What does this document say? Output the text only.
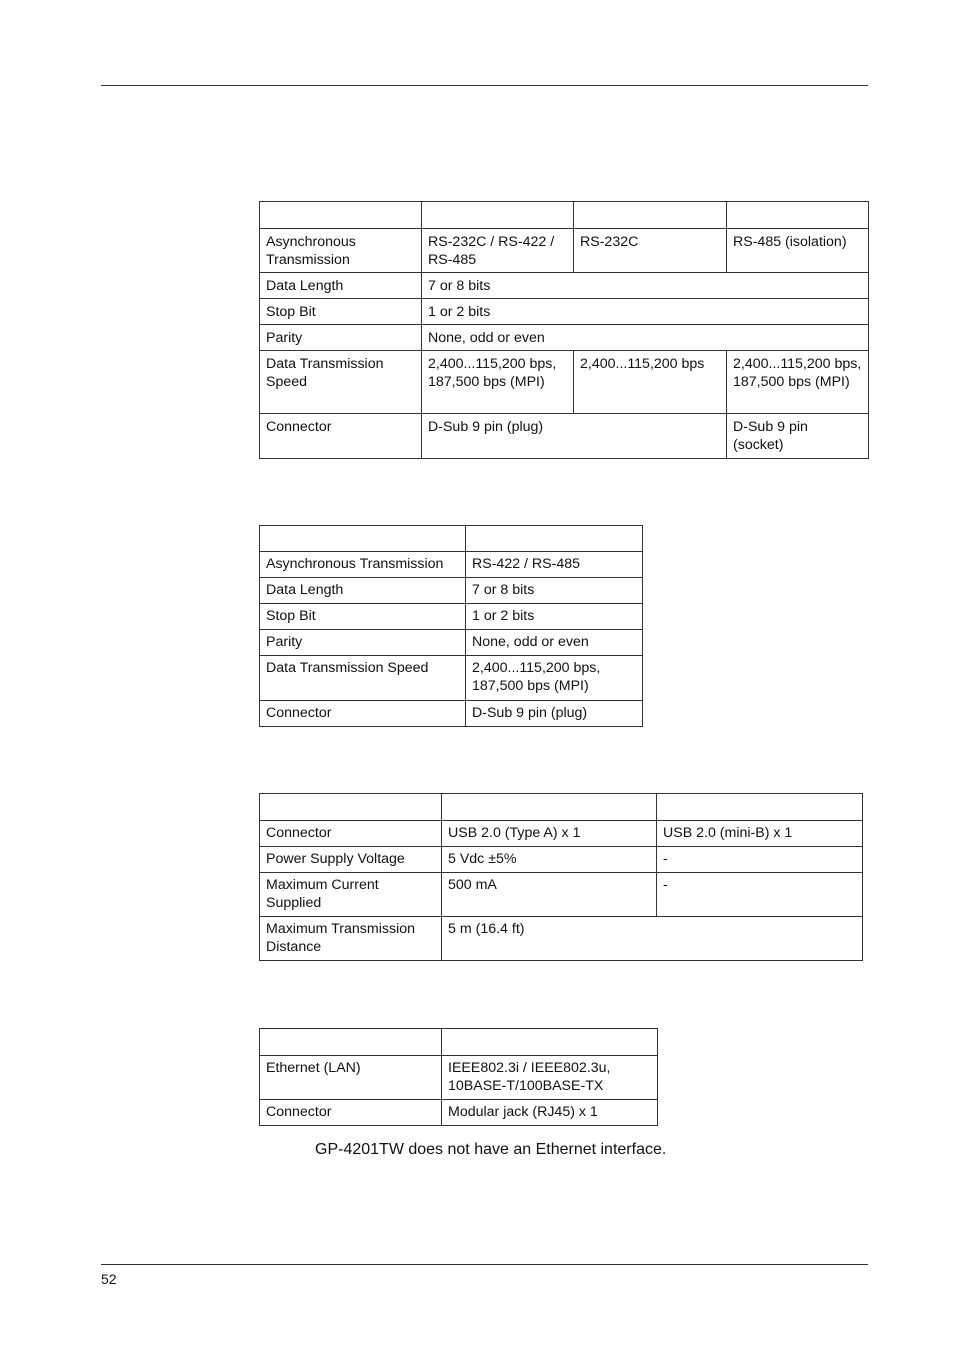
Asynchronous Transmission	RS-232C / RS-422 / RS-485	RS-232C	RS-485 (isolation)
Data Length	7 or 8 bits		
Stop Bit	1 or 2 bits		
Parity	None, odd or even		
Data Transmission Speed	2,400...115,200 bps, 187,500 bps (MPI)	2,400...115,200 bps	2,400...115,200 bps, 187,500 bps (MPI)
Connector	D-Sub 9 pin (plug)		D-Sub 9 pin (socket)

Asynchronous Transmission	RS-422 / RS-485
Data Length	7 or 8 bits
Stop Bit	1 or 2 bits
Parity	None, odd or even
Data Transmission Speed	2,400...115,200 bps, 187,500 bps (MPI)
Connector	D-Sub 9 pin (plug)

Connector	USB 2.0 (Type A) x 1	USB 2.0 (mini-B) x 1
Power Supply Voltage	5 Vdc ±5%	-
Maximum Current Supplied	500 mA	-
Maximum Transmission Distance	5 m (16.4 ft)	

Ethernet (LAN)	IEEE802.3i / IEEE802.3u, 10BASE-T/100BASE-TX
Connector	Modular jack (RJ45) x 1
GP-4201TW does not have an Ethernet interface.
52
